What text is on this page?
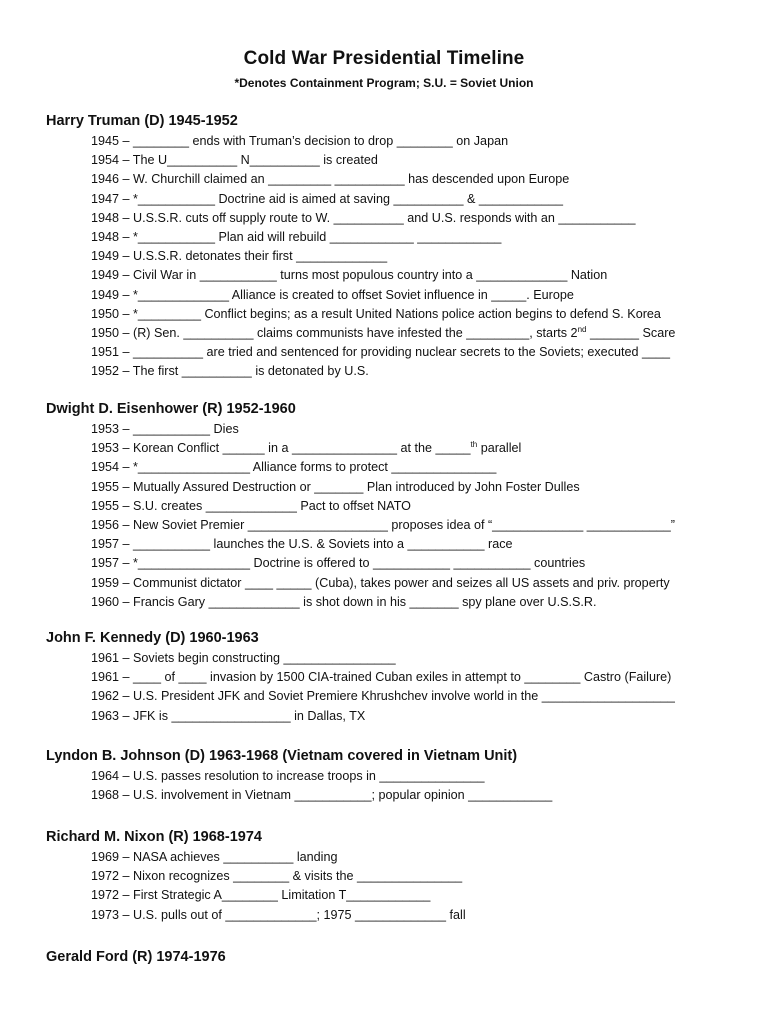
Cold War Presidential Timeline
*Denotes Containment Program; S.U. = Soviet Union
Harry Truman (D) 1945-1952
1945 – ________ ends with Truman’s decision to drop ________ on Japan
1954 – The U__________ N__________ is created
1946 – W. Churchill claimed an _________ __________ has descended upon Europe
1947 – *___________ Doctrine aid is aimed at saving __________ & ____________
1948 – U.S.S.R. cuts off supply route to W. __________ and U.S. responds with an ___________
1948 – *___________ Plan aid will rebuild ____________ ____________
1949 – U.S.S.R. detonates their first _____________
1949 – Civil War in ___________ turns most populous country into a _____________ Nation
1949 – *_____________ Alliance is created to offset Soviet influence in _____. Europe
1950 – *_________ Conflict begins; as a result United Nations police action begins to defend S. Korea
1950 – (R) Sen. __________ claims communists have infested the _________, starts 2nd _______ Scare
1951 – __________ are tried and sentenced for providing nuclear secrets to the Soviets; executed ____
1952 – The first __________ is detonated by U.S.
Dwight D. Eisenhower (R) 1952-1960
1953 – ___________ Dies
1953 – Korean Conflict ______ in a _______________ at the _____$^{th}$ parallel
1954 – *________________ Alliance forms to protect _______________
1955 – Mutually Assured Destruction or _______ Plan introduced by John Foster Dulles
1955 – S.U. creates _____________ Pact to offset NATO
1956 – New Soviet Premier ____________________ proposes idea of “_____________ ____________”
1957 – ___________ launches the U.S. & Soviets into a ___________ race
1957 – *________________ Doctrine is offered to ___________ ___________ countries
1959 – Communist dictator ____ _____ (Cuba), takes power and seizes all US assets and priv. property
1960 – Francis Gary _____________ is shot down in his _______ spy plane over U.S.S.R.
John F. Kennedy (D) 1960-1963
1961 – Soviets begin constructing ________________
1961 – ____ of ____ invasion by 1500 CIA-trained Cuban exiles in attempt to ________ Castro (Failure)
1962 – U.S. President JFK and Soviet Premiere Khrushchev involve world in the ___________________
1963 – JFK is _________________ in Dallas, TX
Lyndon B. Johnson (D) 1963-1968 (Vietnam covered in Vietnam Unit)
1964 – U.S. passes resolution to increase troops in _______________
1968 – U.S. involvement in Vietnam ___________; popular opinion ____________
Richard M. Nixon (R) 1968-1974
1969 – NASA achieves __________ landing
1972 – Nixon recognizes ________ & visits the _______________
1972 – First Strategic A________ Limitation T____________
1973 – U.S. pulls out of _____________; 1975 _____________ fall
Gerald Ford (R) 1974-1976
